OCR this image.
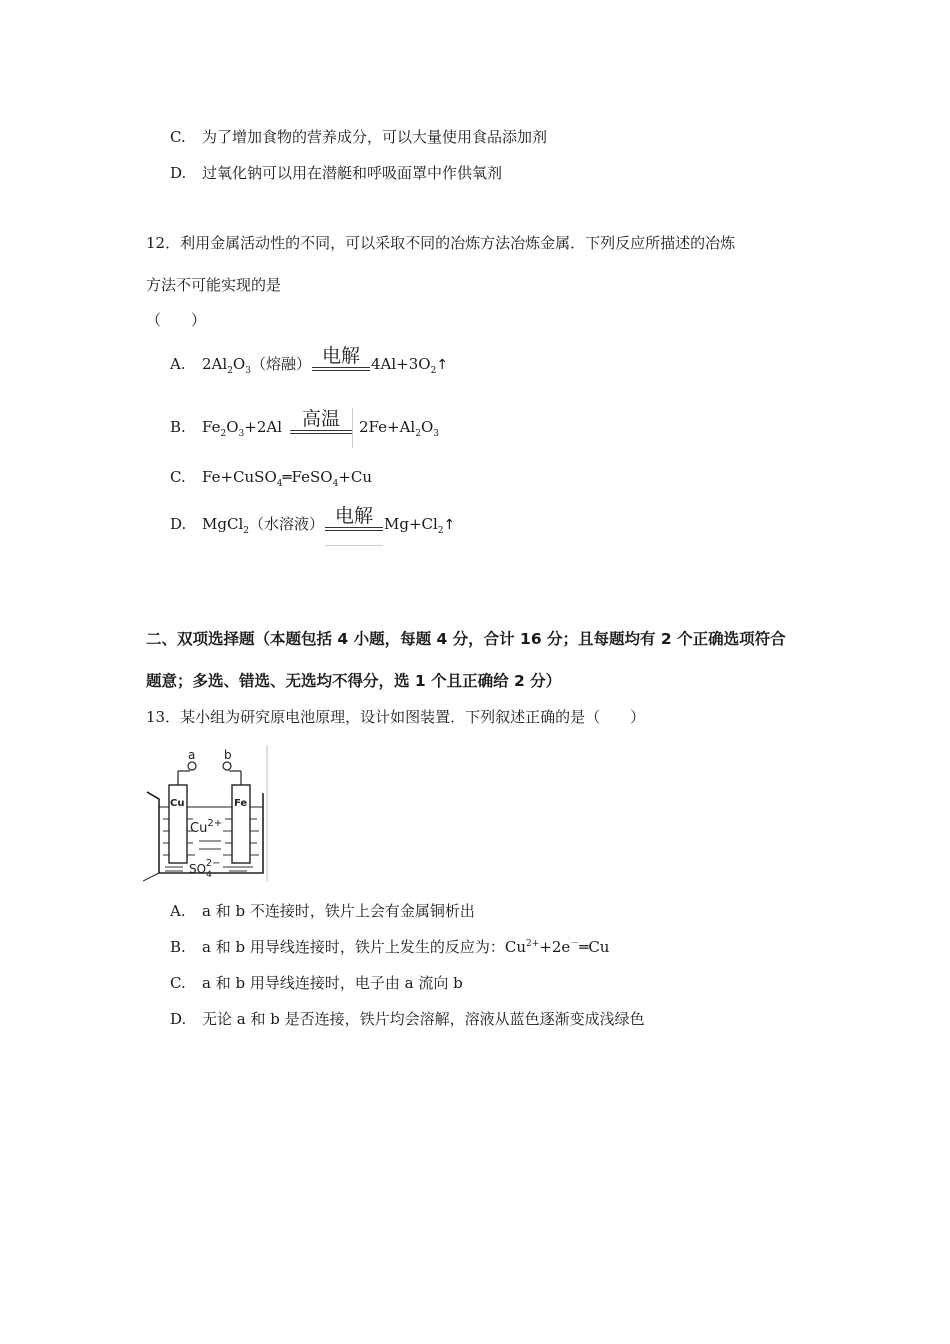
C. 为了增加食物的营养成分，可以大量使用食品添加剂
D. 过氧化钠可以用在潜艇和呼吸面罩中作供氧剂
12．利用金属活动性的不同，可以采取不同的冶炼方法冶炼金属．下列反应所描述的冶炼
方法不可能实现的是
（　　）
A. $2Al_2O_3$（熔融） 电解 $4Al+3O_2↑$
B. $Fe_2O_3+2Al$	高温	$2Fe+Al_2O_3$
C. Fe+CuSO$_4$═FeSO$_4$+Cu
D. MgCl$_2$（水溶液） 电解 $Mg+Cl_2↑$
二、双项选择题（本题包括 4 小题，每题 4 分，合计 16 分；且每题均有 2 个正确选项符合
题意；多选、错选、无选均不得分，选 1 个且正确给 2 分）
13．某小组为研究原电池原理，设计如图装置．下列叙述正确的是（　　）
a b
Cu	Fe
$Cu^{2+}$
$SO_42-$
A. a 和 b 不连接时，铁片上会有金属铜析出
B. a 和 b 用导线连接时，铁片上发生的反应为：$Cu^{2+}+2e^-═Cu$
C. a 和 b 用导线连接时，电子由 a 流向 b
D. 无论 a 和 b 是否连接，铁片均会溶解，溶液从蓝色逐渐变成浅绿色
